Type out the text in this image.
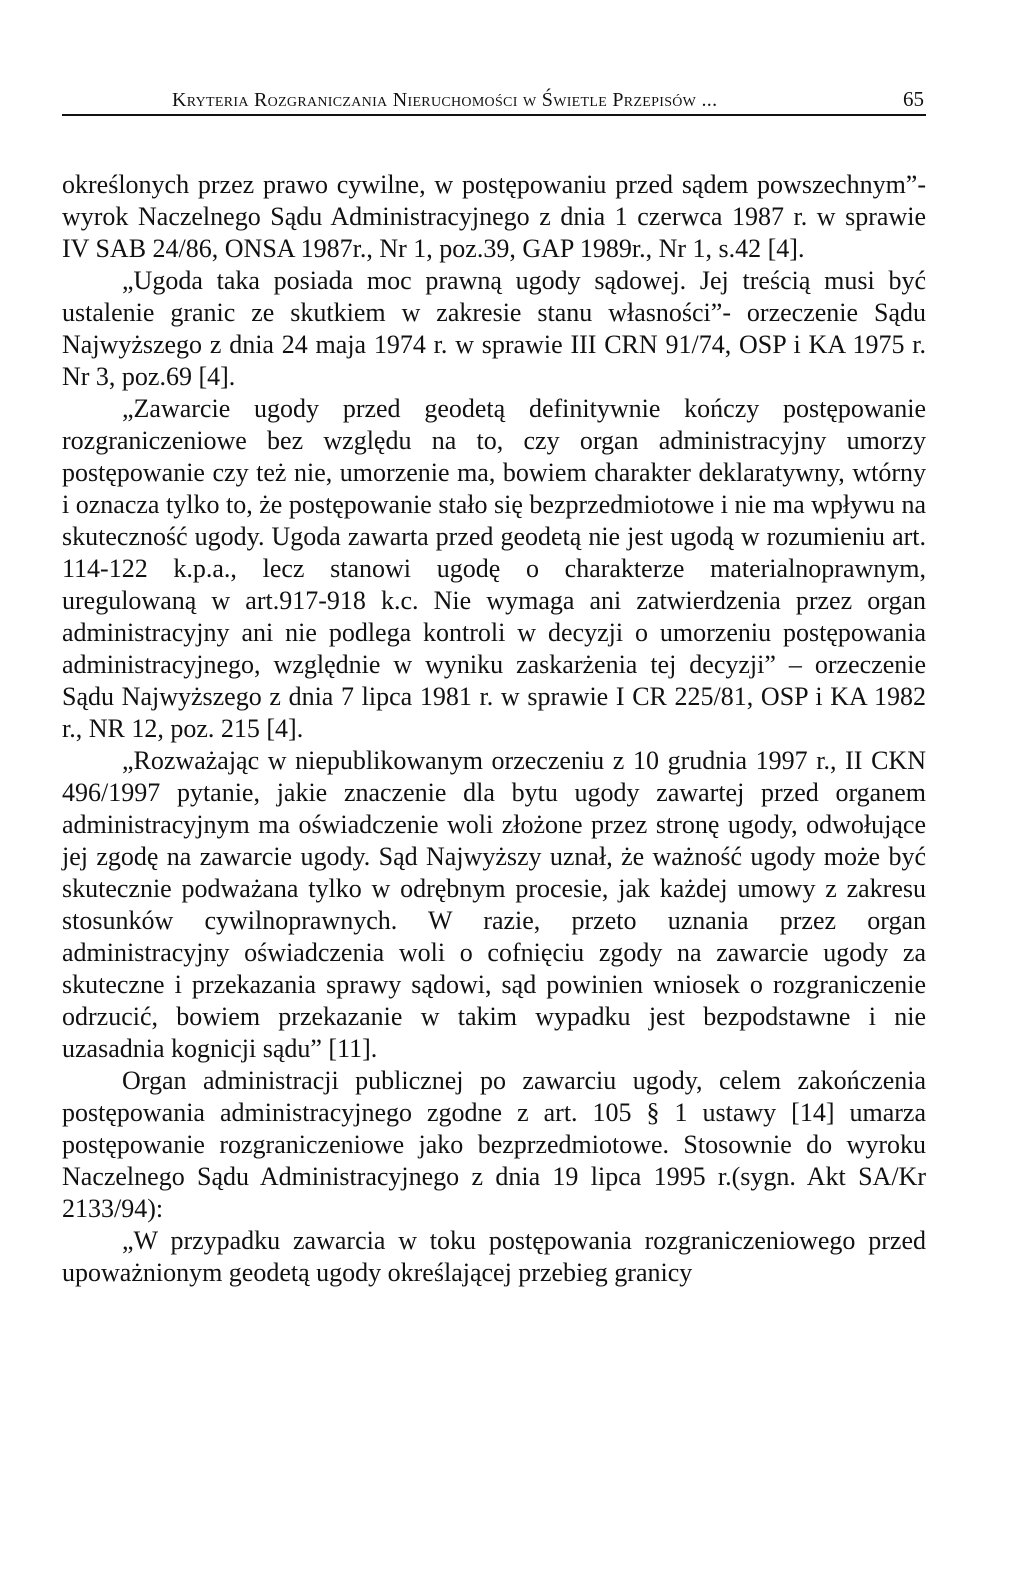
Kryteria Rozgraniczania Nieruchomości w Świetle Przepisów ...	65

określonych przez prawo cywilne, w postępowaniu przed sądem powszechnym”- wyrok Naczelnego Sądu Administracyjnego z dnia 1 czerwca 1987 r. w sprawie IV SAB 24/86, ONSA 1987r., Nr 1, poz.39, GAP 1989r., Nr 1, s.42 [4].

„Ugoda taka posiada moc prawną ugody sądowej. Jej treścią musi być ustalenie granic ze skutkiem w zakresie stanu własności”- orzeczenie Sądu Najwyższego z dnia 24 maja 1974 r. w sprawie III CRN 91/74, OSP i KA 1975 r. Nr 3, poz.69 [4].

„Zawarcie ugody przed geodetą definitywnie kończy postępowanie rozgraniczeniowe bez względu na to, czy organ administracyjny umorzy postępowanie czy też nie, umorzenie ma, bowiem charakter deklaratywny, wtórny i oznacza tylko to, że postępowanie stało się bezprzedmiotowe i nie ma wpływu na skuteczność ugody. Ugoda zawarta przed geodetą nie jest ugodą w rozumieniu art. 114-122 k.p.a., lecz stanowi ugodę o charakterze materialnoprawnym, uregulowaną w art.917-918 k.c. Nie wymaga ani zatwierdzenia przez organ administracyjny ani nie podlega kontroli w decyzji o umorzeniu postępowania administracyjnego, względnie w wyniku zaskarżenia tej decyzji” – orzeczenie Sądu Najwyższego z dnia 7 lipca 1981 r. w sprawie I CR 225/81, OSP i KA 1982 r., NR 12, poz. 215 [4].

„Rozważając w niepublikowanym orzeczeniu z 10 grudnia 1997 r., II CKN 496/1997 pytanie, jakie znaczenie dla bytu ugody zawartej przed organem administracyjnym ma oświadczenie woli złożone przez stronę ugody, odwołujące jej zgodę na zawarcie ugody. Sąd Najwyższy uznał, że ważność ugody może być skutecznie podważana tylko w odrębnym procesie, jak każdej umowy z zakresu stosunków cywilnoprawnych. W razie, przeto uznania przez organ administracyjny oświadczenia woli o cofnięciu zgody na zawarcie ugody za skuteczne i przekazania sprawy sądowi, sąd powinien wniosek o rozgraniczenie odrzucić, bowiem przekazanie w takim wypadku jest bezpodstawne i nie uzasadnia kognicji sądu” [11].

Organ administracji publicznej po zawarciu ugody, celem zakończenia postępowania administracyjnego zgodne z art. 105 § 1 ustawy [14] umarza postępowanie rozgraniczeniowe jako bezprzedmiotowe. Stosownie do wyroku Naczelnego Sądu Administracyjnego z dnia 19 lipca 1995 r.(sygn. Akt SA/Kr 2133/94):

„W przypadku zawarcia w toku postępowania rozgraniczeniowego przed upoważnionym geodetą ugody określającej przebieg granicy
